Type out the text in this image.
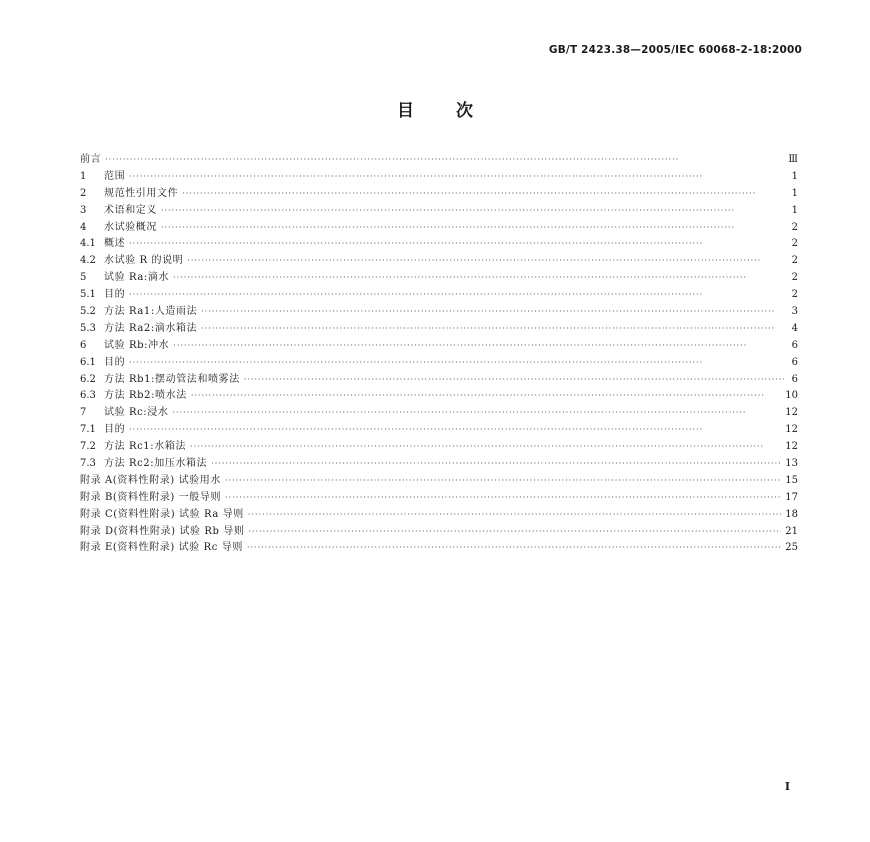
GB/T 2423.38—2005/IEC 60068-2-18:2000
目次
前言 ·····	Ⅲ
1	范围 ·····	1
2	规范性引用文件 ·····	1
3	术语和定义 ·····	1
4	水试验概况 ·····	2
4.1 概述 ·····	2
4.2 水试验 R 的说明 ·····	2
5	试验 Ra:滴水 ·····	2
5.1 目的 ·····	2
5.2 方法 Ra1:人造雨法 ·····	3
5.3 方法 Ra2:滴水箱法 ·····	4
6	试验 Rb:冲水 ·····	6
6.1 目的 ·····	6
6.2 方法 Rb1:摆动管法和喷雾法 ·····	6
6.3 方法 Rb2:喷水法 ·····	10
7	试验 Rc:浸水 ·····	12
7.1 目的 ·····	12
7.2 方法 Rc1:水箱法 ·····	12
7.3 方法 Rc2:加压水箱法 ·····	13
附录 A(资料性附录) 试验用水 ·····	15
附录 B(资料性附录) 一般导则 ·····	17
附录 C(资料性附录) 试验 Ra 导则 ·····	18
附录 D(资料性附录) 试验 Rb 导则 ·····	21
附录 E(资料性附录) 试验 Rc 导则 ·····	25
I
